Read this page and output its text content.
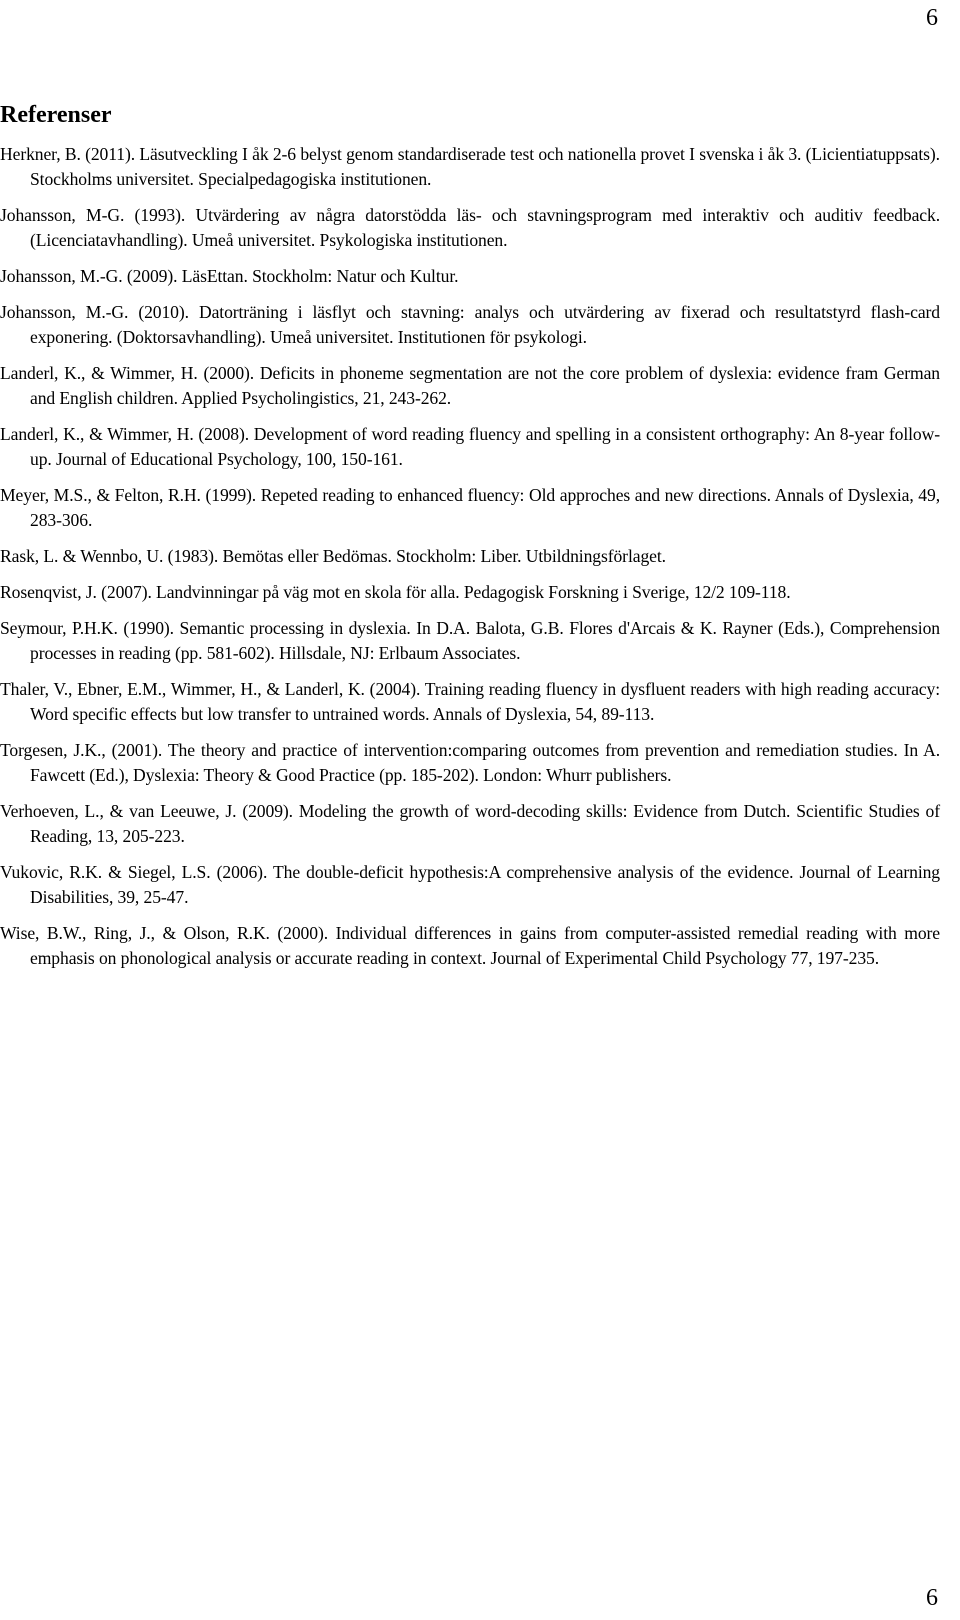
6
Referenser
Herkner, B. (2011). Läsutveckling I åk 2-6 belyst genom standardiserade test och nationella provet I svenska i åk 3. (Licientiatuppsats). Stockholms universitet. Specialpedagogiska institutionen.
Johansson, M-G. (1993). Utvärdering av några datorstödda läs- och stavningsprogram med interaktiv och auditiv feedback. (Licenciatavhandling). Umeå universitet. Psykologiska institutionen.
Johansson, M.-G. (2009). LäsEttan. Stockholm: Natur och Kultur.
Johansson, M.-G. (2010). Datorträning i läsflyt och stavning: analys och utvärdering av fixerad och resultatstyrd flash-card exponering. (Doktorsavhandling). Umeå universitet. Institutionen för psykologi.
Landerl, K., & Wimmer, H. (2000). Deficits in phoneme segmentation are not the core problem of dyslexia: evidence fram German and English children. Applied Psycholingistics, 21, 243-262.
Landerl, K., & Wimmer, H. (2008). Development of word reading fluency and spelling in a consistent orthography: An 8-year follow-up. Journal of Educational Psychology, 100, 150-161.
Meyer, M.S., & Felton, R.H. (1999). Repeted reading to enhanced fluency: Old approches and new directions. Annals of Dyslexia, 49, 283-306.
Rask, L. & Wennbo, U. (1983). Bemötas eller Bedömas. Stockholm: Liber. Utbildningsförlaget.
Rosenqvist, J. (2007). Landvinningar på väg mot en skola för alla. Pedagogisk Forskning i Sverige, 12/2 109-118.
Seymour, P.H.K. (1990). Semantic processing in dyslexia. In D.A. Balota, G.B. Flores d'Arcais & K. Rayner (Eds.), Comprehension processes in reading (pp. 581-602). Hillsdale, NJ: Erlbaum Associates.
Thaler, V., Ebner, E.M., Wimmer, H., & Landerl, K. (2004). Training reading fluency in dysfluent readers with high reading accuracy: Word specific effects but low transfer to untrained words. Annals of Dyslexia, 54, 89-113.
Torgesen, J.K., (2001). The theory and practice of intervention:comparing outcomes from prevention and remediation studies. In A. Fawcett (Ed.), Dyslexia: Theory & Good Practice (pp. 185-202). London: Whurr publishers.
Verhoeven, L., & van Leeuwe, J. (2009). Modeling the growth of word-decoding skills: Evidence from Dutch. Scientific Studies of Reading, 13, 205-223.
Vukovic, R.K. & Siegel, L.S. (2006). The double-deficit hypothesis:A comprehensive analysis of the evidence. Journal of Learning Disabilities, 39, 25-47.
Wise, B.W., Ring, J., & Olson, R.K. (2000). Individual differences in gains from computer-assisted remedial reading with more emphasis on phonological analysis or accurate reading in context. Journal of Experimental Child Psychology 77, 197-235.
6
